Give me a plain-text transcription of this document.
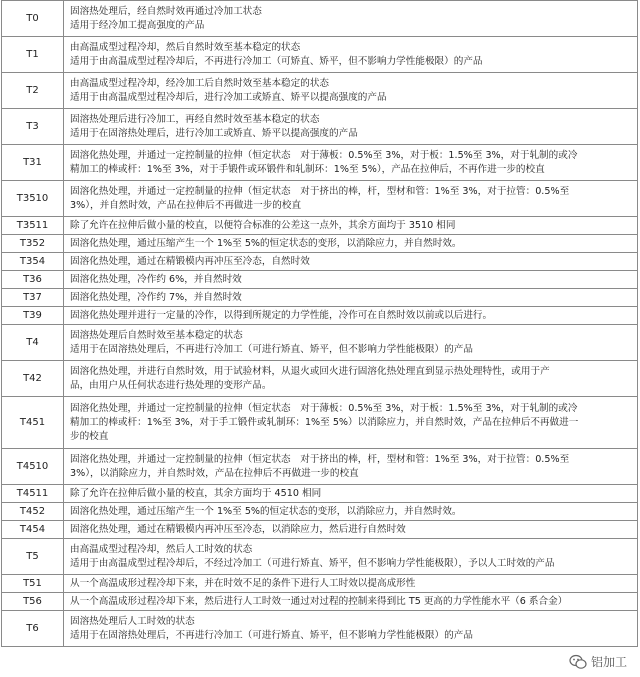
T0	固溶热处理后，经自然时效再通过冷加工状态
适用于经冷加工提高强度的产品

T1	由高温成型过程冷却，然后自然时效至基本稳定的状态
适用于由高温成型过程冷却后，不再进行冷加工（可矫直、矫平，但不影响力学性能极限）的产品

T2	由高温成型过程冷却，经冷加工后自然时效至基本稳定的状态
适用于由高温成型过程冷却后，进行冷加工或矫直、矫平以提高强度的产品

T3	固溶热处理后进行冷加工，再经自然时效至基本稳定的状态
适用于在固溶热处理后，进行冷加工或矫直、矫平以提高强度的产品

T31	固溶化热处理，并通过一定控制量的拉伸（恒定状态　对于薄板：0.5%至 3%，对于板：1.5%至 3%，对于轧制的或冷
精加工的棒或杆：1%至 3%，对于手锻件或环锻件和轧制环：1%至 5%），产品在拉伸后，不再作进一步的校直

T3510	固溶化热处理，并通过一定控制量的拉伸（恒定状态　对于挤出的棒，杆，型材和管：1%至 3%，对于拉管：0.5%至
3%），并自然时效，产品在拉伸后不再做进一步的校直

T3511	除了允许在拉伸后做小量的校直，以便符合标准的公差这一点外，其余方面均于 3510 相同

T352	固溶化热处理，通过压缩产生一个 1%至 5%的恒定状态的变形，以消除应力，并自然时效。

T354	固溶化热处理，通过在精锻模内再冲压至冷态，自然时效

T36	固溶化热处理，冷作约 6%，并自然时效

T37	固溶化热处理，冷作约 7%，并自然时效

T39	固溶化热处理并进行一定量的冷作，以得到所规定的力学性能，冷作可在自然时效以前或以后进行。

T4	固溶热处理后自然时效至基本稳定的状态
适用于在固溶热处理后，不再进行冷加工（可进行矫直、矫平，但不影响力学性能极限）的产品

T42	固溶化热处理，并进行自然时效，用于试验材料，从退火或回火进行固溶化热处理直到显示热处理特性，或用于产
品，由用户从任何状态进行热处理的变形产品。

T451	固溶化热处理，并通过一定控制量的拉伸（恒定状态　对于薄板：0.5%至 3%，对于板：1.5%至 3%，对于轧制的或冷
精加工的棒或杆：1%至 3%，对于手工锻件或轧制环：1%至 5%）以消除应力，并自然时效，产品在拉伸后不再做进一
步的校直

T4510	固溶化热处理，并通过一定控制量的拉伸（恒定状态　对于挤出的棒，杆，型材和管：1%至 3%，对于拉管：0.5%至
3%），以消除应力，并自然时效，产品在拉伸后不再做进一步的校直

T4511	除了允许在拉伸后做小量的校直，其余方面均于 4510 相同

T452	固溶化热处理，通过压缩产生一个 1%至 5%的恒定状态的变形，以消除应力，并自然时效。

T454	固溶化热处理，通过在精锻模内再冲压至冷态，以消除应力，然后进行自然时效

T5	由高温成型过程冷却，然后人工时效的状态
适用于由高温成型过程冷却后，不经过冷加工（可进行矫直、矫平，但不影响力学性能极限），予以人工时效的产品

T51	从一个高温成形过程冷却下来，并在时效不足的条件下进行人工时效以提高成形性

T56	从一个高温成形过程冷却下来，然后进行人工时效一通过对过程的控制来得到比 T5 更高的力学性能水平（6 系合金）

T6	固溶热处理后人工时效的状态
适用于在固溶热处理后，不再进行冷加工（可进行矫直、矫平，但不影响力学性能极限）的产品
铝加工
